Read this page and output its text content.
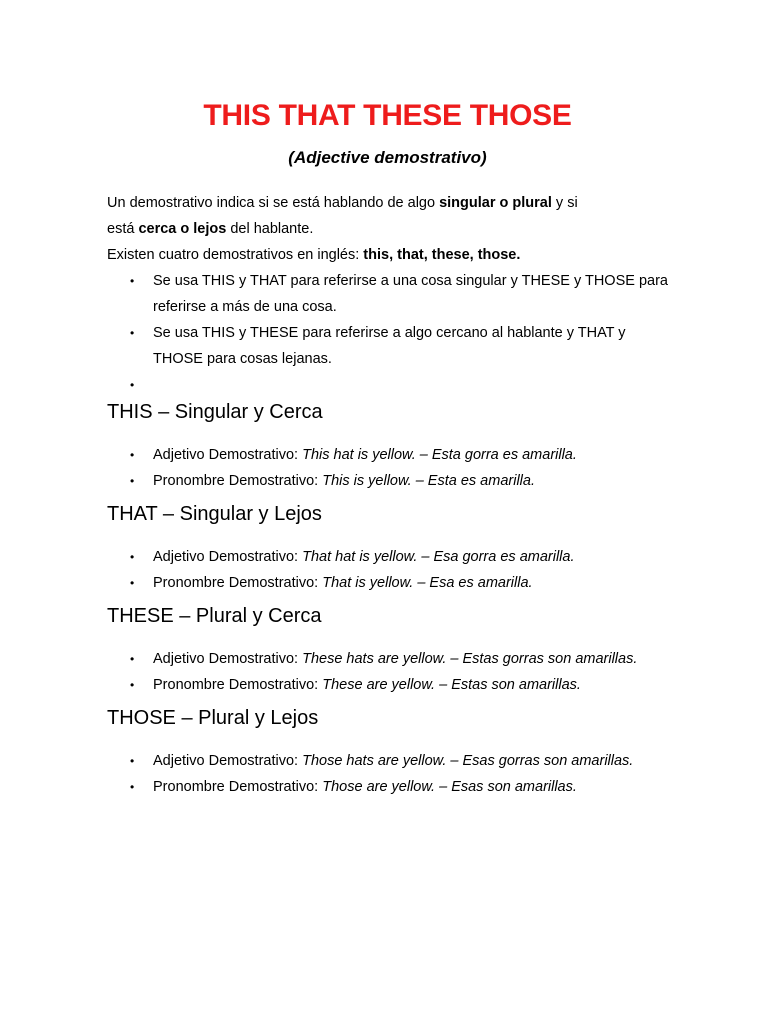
THIS THAT THESE THOSE
(Adjective demostrativo)

Un demostrativo indica si se está hablando de algo singular o plural y si

está cerca o lejos del hablante.

Existen cuatro demostrativos en inglés: this, that, these, those.

• Se usa THIS y THAT para referirse a una cosa singular y THESE y THOSE para referirse a más de una cosa.
• Se usa THIS y THESE para referirse a algo cercano al hablante y THAT y THOSE para cosas lejanas.
•
THIS – Singular y Cerca
• Adjetivo Demostrativo: This hat is yellow. – Esta gorra es amarilla.
• Pronombre Demostrativo: This is yellow. – Esta es amarilla.
THAT – Singular y Lejos
• Adjetivo Demostrativo: That hat is yellow. – Esa gorra es amarilla.
• Pronombre Demostrativo: That is yellow. – Esa es amarilla.
THESE – Plural y Cerca
• Adjetivo Demostrativo: These hats are yellow. – Estas gorras son amarillas.
• Pronombre Demostrativo: These are yellow. – Estas son amarillas.
THOSE – Plural y Lejos
• Adjetivo Demostrativo: Those hats are yellow. – Esas gorras son amarillas.
• Pronombre Demostrativo: Those are yellow. – Esas son amarillas.
